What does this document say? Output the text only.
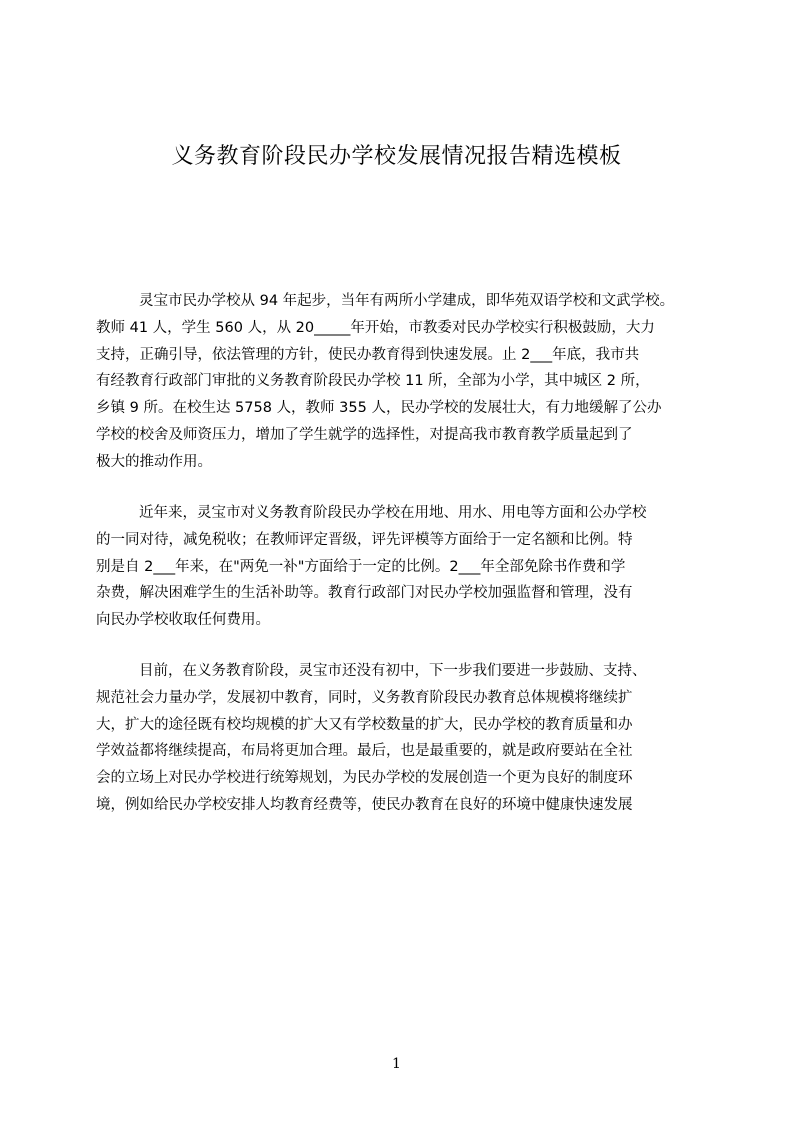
义务教育阶段民办学校发展情况报告精选模板
灵宝市民办学校从 94 年起步，当年有两所小学建成，即华苑双语学校和文武学校。
教师 41 人，学生 560 人，从 20_____年开始，市教委对民办学校实行积极鼓励，大力
支持，正确引导，依法管理的方针，使民办教育得到快速发展。止 2___年底，我市共
有经教育行政部门审批的义务教育阶段民办学校 11 所，全部为小学，其中城区 2 所，
乡镇 9 所。在校生达 5758 人，教师 355 人，民办学校的发展壮大，有力地缓解了公办
学校的校舍及师资压力，增加了学生就学的选择性，对提高我市教育教学质量起到了
极大的推动作用。
近年来，灵宝市对义务教育阶段民办学校在用地、用水、用电等方面和公办学校
的一同对待，减免税收；在教师评定晋级，评先评模等方面给于一定名额和比例。特
别是自 2___年来，在"两免一补"方面给于一定的比例。2___年全部免除书作费和学
杂费，解决困难学生的生活补助等。教育行政部门对民办学校加强监督和管理，没有
向民办学校收取任何费用。
目前，在义务教育阶段，灵宝市还没有初中，下一步我们要进一步鼓励、支持、
规范社会力量办学，发展初中教育，同时，义务教育阶段民办教育总体规模将继续扩
大，扩大的途径既有校均规模的扩大又有学校数量的扩大，民办学校的教育质量和办
学效益都将继续提高，布局将更加合理。最后，也是最重要的，就是政府要站在全社
会的立场上对民办学校进行统筹规划，为民办学校的发展创造一个更为良好的制度环
境，例如给民办学校安排人均教育经费等，使民办教育在良好的环境中健康快速发展
1
